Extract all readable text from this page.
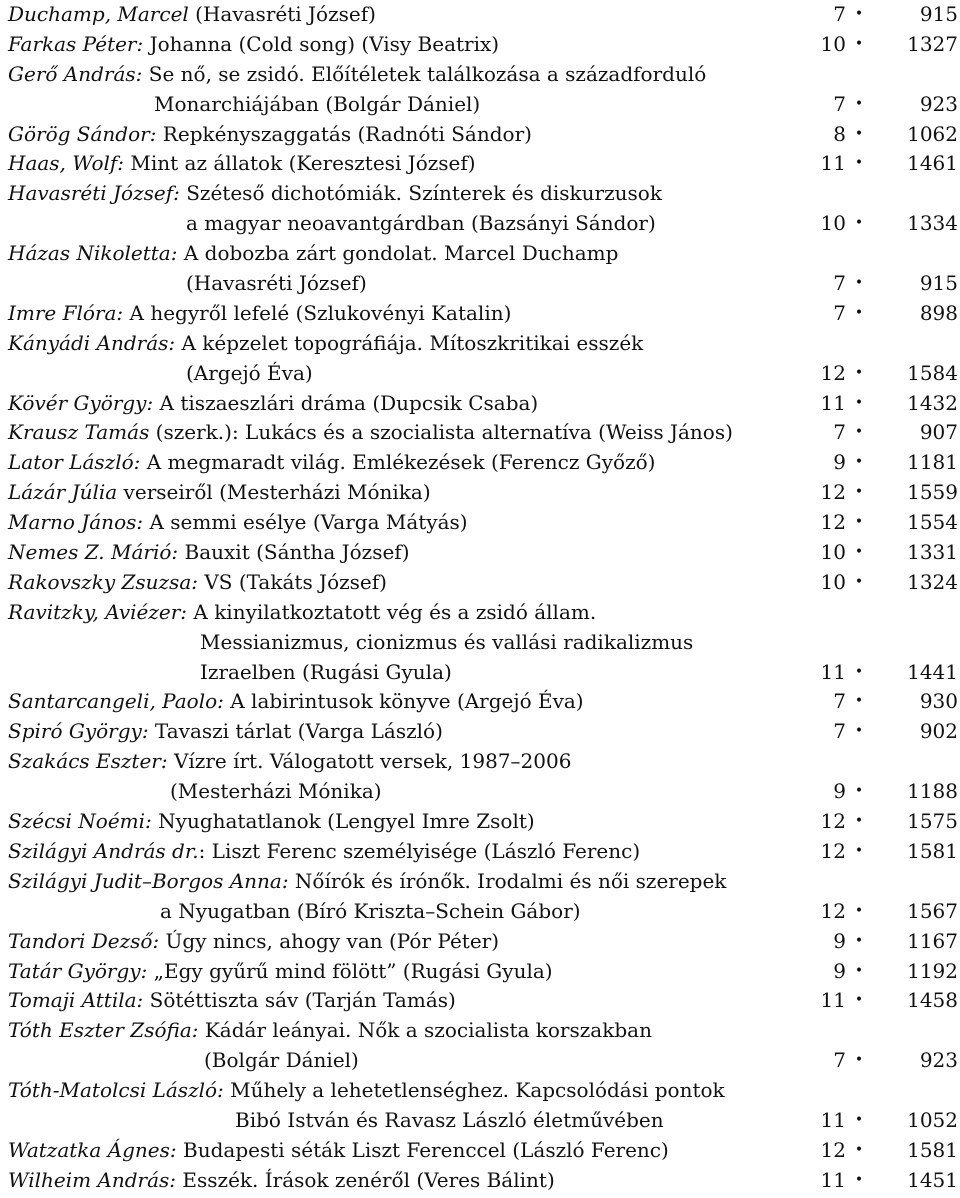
Duchamp, Marcel (Havasréti József)	7 •	915
Farkas Péter: Johanna (Cold song) (Visy Beatrix)	10 •	1327
Gerő András: Se nő, se zsidó. Előítéletek találkozása a századforduló
Monarchiájában (Bolgár Dániel)	7 •	923
Görög Sándor: Repkényszaggatás (Radnóti Sándor)	8 •	1062
Haas, Wolf: Mint az állatok (Keresztesi József)	11 •	1461
Havasréti József: Széteső dichotómiák. Színterek és diskurzusok
a magyar neoavantgárdban (Bazsányi Sándor)	10 •	1334
Házas Nikoletta: A dobozba zárt gondolat. Marcel Duchamp
(Havasréti József)	7 •	915
Imre Flóra: A hegyről lefelé (Szlukovényi Katalin)	7 •	898
Kányádi András: A képzelet topográfiája. Mítoszkritikai esszék
(Argejó Éva)	12 •	1584
Kövér György: A tiszaeszlári dráma (Dupcsik Csaba)	11 •	1432
Krausz Tamás (szerk.): Lukács és a szocialista alternatíva (Weiss János)	7 •	907
Lator László: A megmaradt világ. Emlékezések (Ferencz Győző)	9 •	1181
Lázár Júlia verseiről (Mesterházi Mónika)	12 •	1559
Marno János: A semmi esélye (Varga Mátyás)	12 •	1554
Nemes Z. Márió: Bauxit (Sántha József)	10 •	1331
Rakovszky Zsuzsa: VS (Takáts József)	10 •	1324
Ravitzky, Aviézer: A kinyilatkoztatott vég és a zsidó állam.
Messianizmus, cionizmus és vallási radikalizmus
Izraelben (Rugási Gyula)	11 •	1441
Santarcangeli, Paolo: A labirintusok könyve (Argejó Éva)	7 •	930
Spiró György: Tavaszi tárlat (Varga László)	7 •	902
Szakács Eszter: Vízre írt. Válogatott versek, 1987–2006
(Mesterházi Mónika)	9 •	1188
Szécsi Noémi: Nyughatatlanok (Lengyel Imre Zsolt)	12 •	1575
Szilágyi András dr.: Liszt Ferenc személyisége (László Ferenc)	12 •	1581
Szilágyi Judit–Borgos Anna: Nőírók és írónők. Irodalmi és női szerepek
a Nyugatban (Bíró Kriszta–Schein Gábor)	12 •	1567
Tandori Dezső: Úgy nincs, ahogy van (Pór Péter)	9 •	1167
Tatár György: „Egy gyűrű mind fölött” (Rugási Gyula)	9 •	1192
Tomaji Attila: Sötéttiszta sáv (Tarján Tamás)	11 •	1458
Tóth Eszter Zsófia: Kádár leányai. Nők a szocialista korszakban
(Bolgár Dániel)	7 •	923
Tóth-Matolcsi László: Műhely a lehetetlenséghez. Kapcsolódási pontok
Bibó István és Ravasz László életművében	11 •	1052
Watzatka Ágnes: Budapesti séták Liszt Ferenccel (László Ferenc)	12 •	1581
Wilheim András: Esszék. Írások zenéről (Veres Bálint)	11 •	1451
